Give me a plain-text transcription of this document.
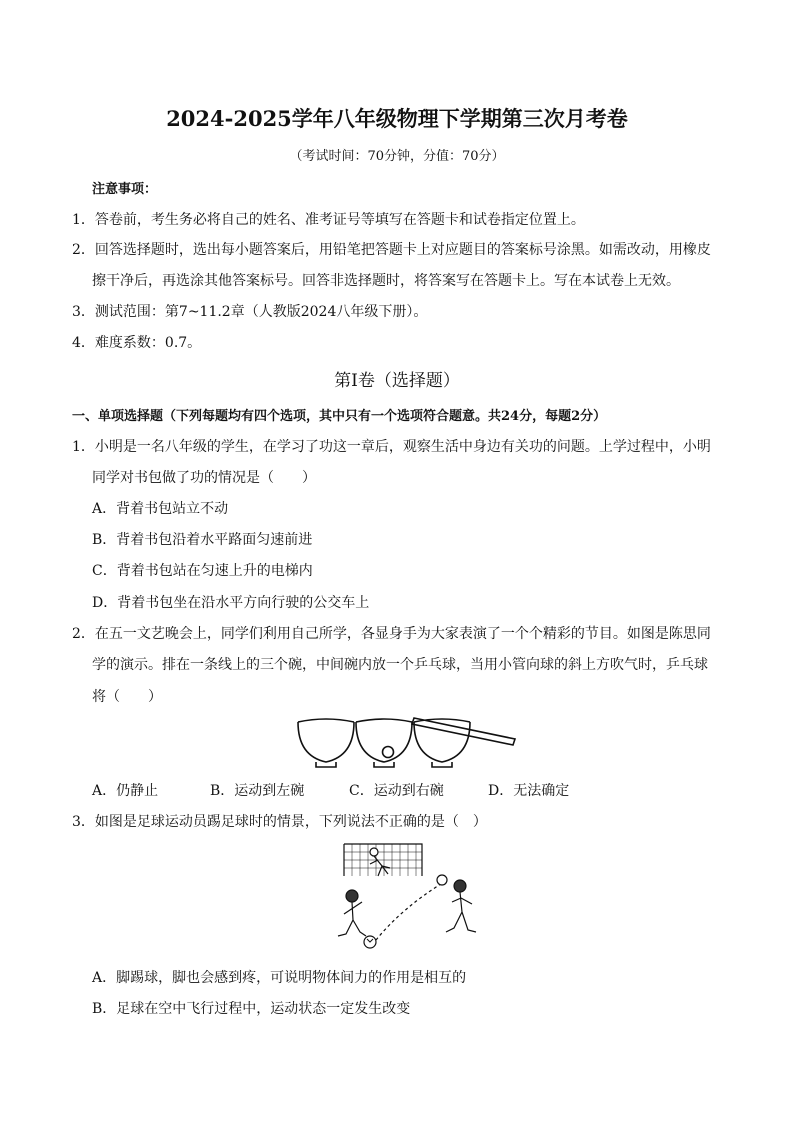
2024-2025学年八年级物理下学期第三次月考卷
（考试时间：70分钟，分值：70分）
注意事项：
1．答卷前，考生务必将自己的姓名、准考证号等填写在答题卡和试卷指定位置上。
2．回答选择题时，选出每小题答案后，用铅笔把答题卡上对应题目的答案标号涂黑。如需改动，用橡皮
擦干净后，再选涂其他答案标号。回答非选择题时，将答案写在答题卡上。写在本试卷上无效。
3．测试范围：第7~11.2章（人教版2024八年级下册）。
4．难度系数：0.7。
第Ⅰ卷（选择题）
一、单项选择题（下列每题均有四个选项，其中只有一个选项符合题意。共24分，每题2分）
1．小明是一名八年级的学生，在学习了功这一章后，观察生活中身边有关功的问题。上学过程中，小明
同学对书包做了功的情况是（　　）
A．背着书包站立不动
B．背着书包沿着水平路面匀速前进
C．背着书包站在匀速上升的电梯内
D．背着书包坐在沿水平方向行驶的公交车上
2．在五一文艺晚会上，同学们利用自己所学，各显身手为大家表演了一个个精彩的节目。如图是陈思同
学的演示。排在一条线上的三个碗，中间碗内放一个乒乓球，当用小管向球的斜上方吹气时，乒乓球
将（　　）
A．仍静止	B．运动到左碗	C．运动到右碗	D．无法确定
3．如图是足球运动员踢足球时的情景，下列说法不正确的是（　）
A．脚踢球，脚也会感到疼，可说明物体间力的作用是相互的
B．足球在空中飞行过程中，运动状态一定发生改变
